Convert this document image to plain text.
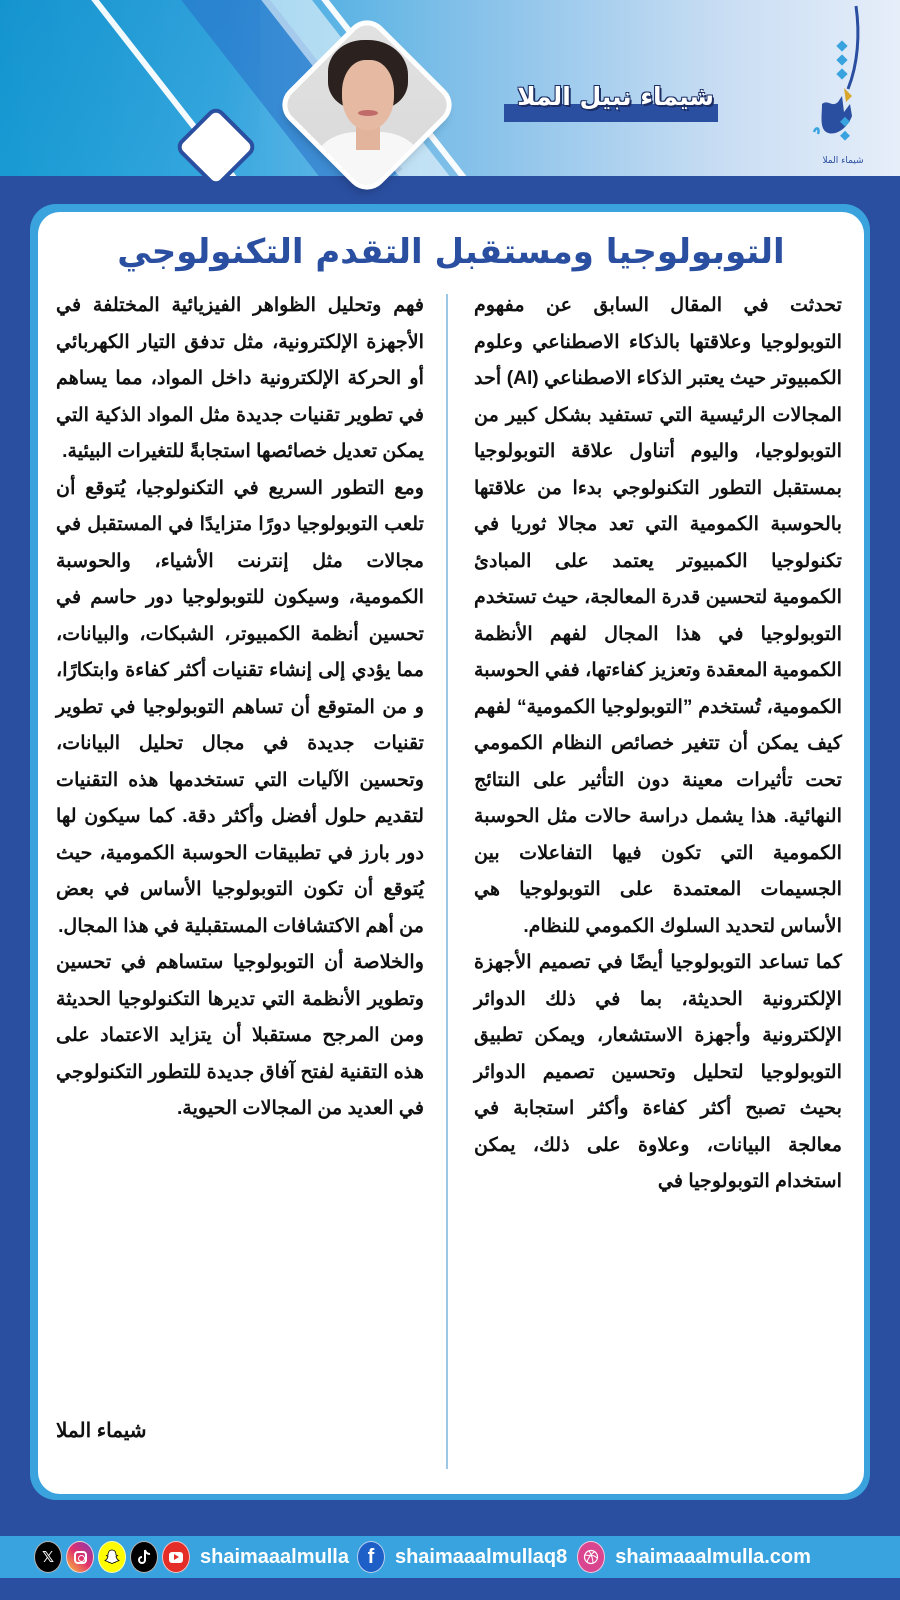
شيماء نبيل الملا
شيماء الملا
التوبولوجيا ومستقبل التقدم التكنولوجي

تحدثت في المقال السابق عن مفهوم التوبولوجيا وعلاقتها بالذكاء الاصطناعي وعلوم الكمبيوتر حيث يعتبر الذكاء الاصطناعي (AI) أحد المجالات الرئيسية التي تستفيد بشكل كبير من التوبولوجيا، واليوم أتناول علاقة التوبولوجيا بمستقبل التطور التكنولوجي بدءا من علاقتها بالحوسبة الكمومية التي تعد مجالا ثوريا في تكنولوجيا الكمبيوتر يعتمد على المبادئ الكمومية لتحسين قدرة المعالجة، حيث تستخدم التوبولوجيا في هذا المجال لفهم الأنظمة الكمومية المعقدة وتعزيز كفاءتها، ففي الحوسبة الكمومية، تُستخدم ”التوبولوجيا الكمومية“ لفهم كيف يمكن أن تتغير خصائص النظام الكمومي تحت تأثيرات معينة دون التأثير على النتائج النهائية. هذا يشمل دراسة حالات مثل الحوسبة الكمومية التي تكون فيها التفاعلات بين الجسيمات المعتمدة على التوبولوجيا هي الأساس لتحديد السلوك الكمومي للنظام.

كما تساعد التوبولوجيا أيضًا في تصميم الأجهزة الإلكترونية الحديثة، بما في ذلك الدوائر الإلكترونية وأجهزة الاستشعار، ويمكن تطبيق التوبولوجيا لتحليل وتحسين تصميم الدوائر بحيث تصبح أكثر كفاءة وأكثر استجابة في معالجة البيانات، وعلاوة على ذلك، يمكن استخدام التوبولوجيا في

فهم وتحليل الظواهر الفيزيائية المختلفة في الأجهزة الإلكترونية، مثل تدفق التيار الكهربائي أو الحركة الإلكترونية داخل المواد، مما يساهم في تطوير تقنيات جديدة مثل المواد الذكية التي يمكن تعديل خصائصها استجابةً للتغيرات البيئية.

ومع التطور السريع في التكنولوجيا، يُتوقع أن تلعب التوبولوجيا دورًا متزايدًا في المستقبل في مجالات مثل إنترنت الأشياء، والحوسبة الكمومية، وسيكون للتوبولوجيا دور حاسم في تحسين أنظمة الكمبيوتر، الشبكات، والبيانات، مما يؤدي إلى إنشاء تقنيات أكثر كفاءة وابتكارًا، و من المتوقع أن تساهم التوبولوجيا في تطوير تقنيات جديدة في مجال تحليل البيانات، وتحسين الآليات التي تستخدمها هذه التقنيات لتقديم حلول أفضل وأكثر دقة. كما سيكون لها دور بارز في تطبيقات الحوسبة الكمومية، حيث يُتوقع أن تكون التوبولوجيا الأساس في بعض من أهم الاكتشافات المستقبلية في هذا المجال.

والخلاصة أن التوبولوجيا ستساهم في تحسين وتطوير الأنظمة التي تديرها التكنولوجيا الحديثة ومن المرجح مستقبلا أن يتزايد الاعتماد على هذه التقنية لفتح آفاق جديدة للتطور التكنولوجي في العديد من المجالات الحيوية.

شيماء الملا
𝕏	shaimaaalmulla f	shaimaaalmullaq8 shaimaaalmulla.com
